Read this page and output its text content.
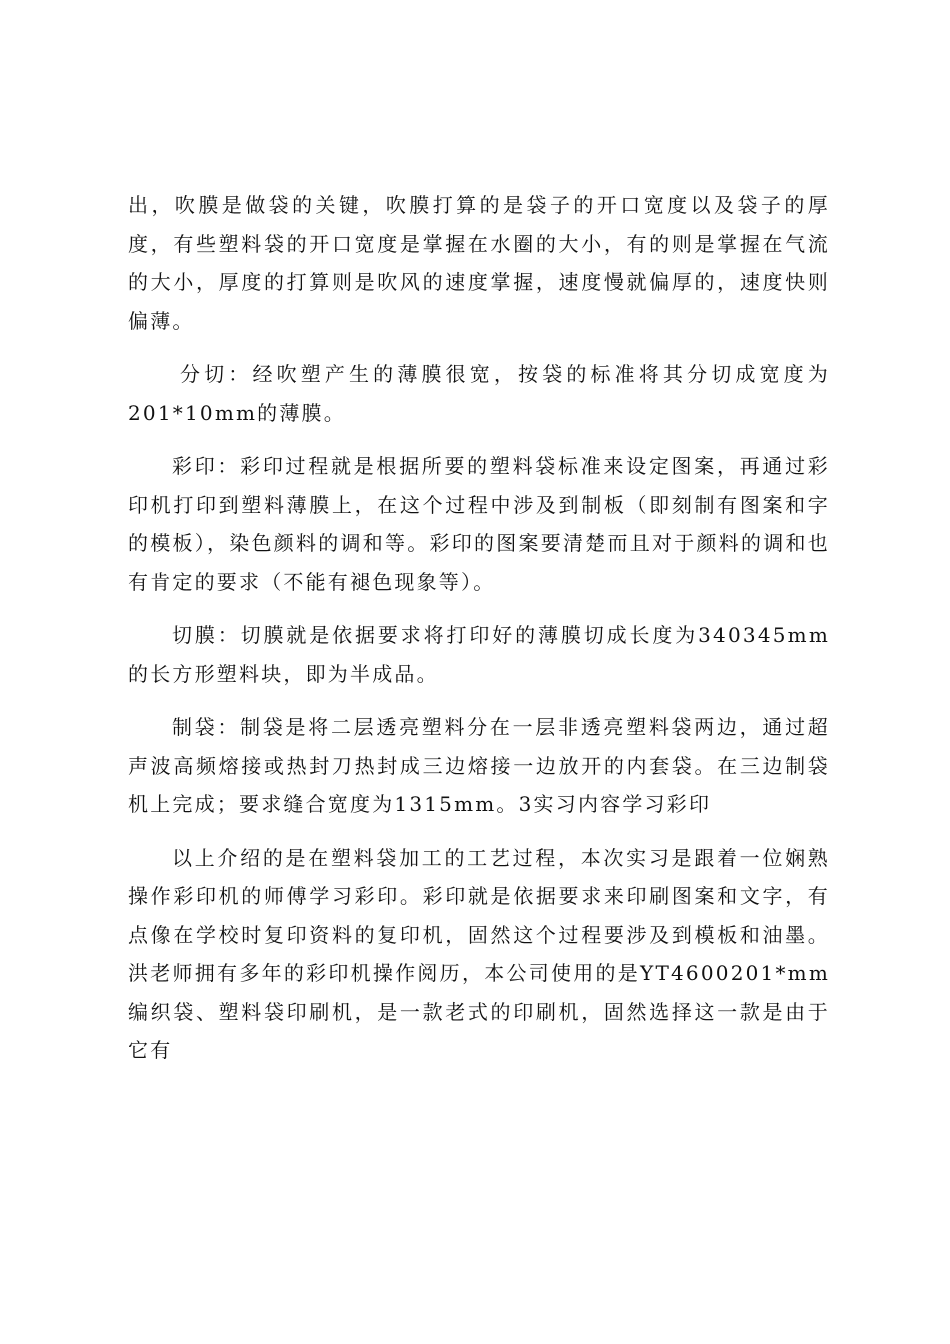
出，吹膜是做袋的关键，吹膜打算的是袋子的开口宽度以及袋子的厚度，有些塑料袋的开口宽度是掌握在水圈的大小，有的则是掌握在气流的大小，厚度的打算则是吹风的速度掌握，速度慢就偏厚的，速度快则偏薄。

分切：经吹塑产生的薄膜很宽，按袋的标准将其分切成宽度为201*10mm的薄膜。

彩印：彩印过程就是根据所要的塑料袋标准来设定图案，再通过彩印机打印到塑料薄膜上，在这个过程中涉及到制板（即刻制有图案和字的模板），染色颜料的调和等。彩印的图案要清楚而且对于颜料的调和也有肯定的要求（不能有褪色现象等）。

切膜：切膜就是依据要求将打印好的薄膜切成长度为340345mm的长方形塑料块，即为半成品。

制袋：制袋是将二层透亮塑料分在一层非透亮塑料袋两边，通过超声波高频熔接或热封刀热封成三边熔接一边放开的内套袋。在三边制袋机上完成；要求缝合宽度为1315mm。3实习内容学习彩印

以上介绍的是在塑料袋加工的工艺过程，本次实习是跟着一位娴熟操作彩印机的师傅学习彩印。彩印就是依据要求来印刷图案和文字，有点像在学校时复印资料的复印机，固然这个过程要涉及到模板和油墨。洪老师拥有多年的彩印机操作阅历，本公司使用的是YT4600201*mm编织袋、塑料袋印刷机，是一款老式的印刷机，固然选择这一款是由于它有
